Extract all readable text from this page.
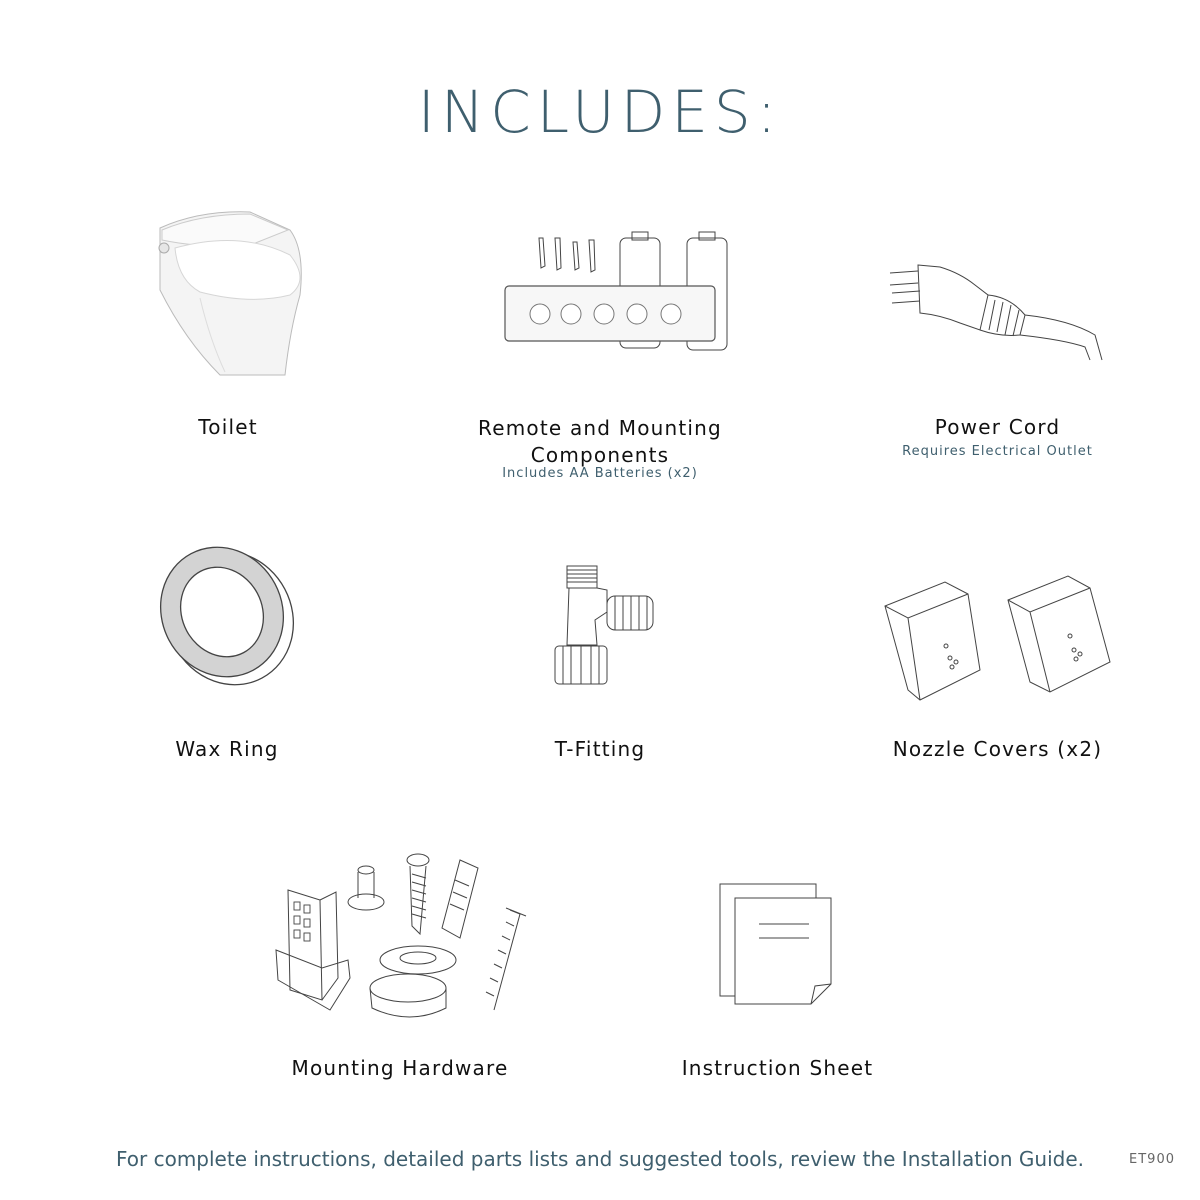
INCLUDES:
Toilet	Remote and Mounting Components
Includes AA Batteries (x2)
Power Cord
Requires Electrical Outlet
Wax Ring	T-Fitting	Nozzle Covers (x2)
Mounting Hardware	Instruction Sheet
For complete instructions, detailed parts lists and suggested tools, review the Installation Guide.	ET900
